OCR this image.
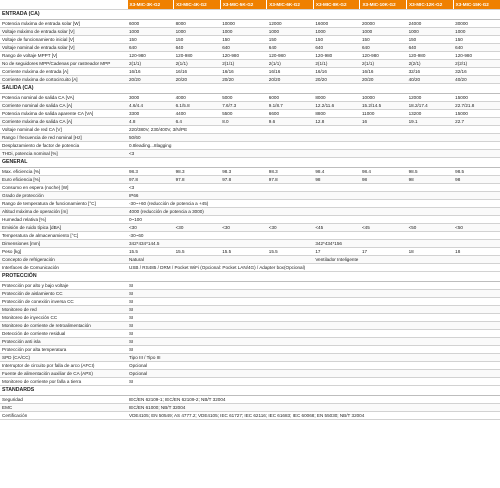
	X3-MIC-3K-G2	X3-MIC-4K-G2	X3-MIC-5K-G2	X3-MIC-6K-G2	X3-MIC-8K-G2	X3-MIC-10K-G2	X3-MIC-12K-G2	X3-MIC-15K-G2
ENTRADA (CA)								
Potencia máxima de entrada solar [W]	6000	8000	10000	12000	16000	20000	24000	30000
Voltaje máximo de entrada solar [V]	1000	1000	1000	1000	1000	1000	1000	1000
Voltaje de funcionamiento inicial [V]	150	150	150	150	150	150	150	150
Voltaje nominal de entrada solar [V]	640	640	640	640	640	640	640	640
Rango de voltaje MPPT [V]	120-980	120-980	120-980	120-980	120-980	120-980	120-980	120-980
No de seguidores MPP/Cadenas por rastreador MPP	2(1/1)	2(1/1)	2(1/1)	2(1/1)	2(1/1)	2(1/1)	2(2/1)	2(2/1)
Corriente máxima de entrada [A]	16/16	16/16	16/16	16/16	16/16	16/16	32/16	32/16
Corriente máxima de cortocircuito [A]	20/20	20/20	20/20	20/20	20/20	20/20	40/20	40/20
SALIDA (CA)								
Potencia nominal de salida CA [VA]	3000	4000	5000	6000	8000	10000	12000	15000
Corriente nominal de salida CA [A]	4.6/4.4	6.1/5.8	7.6/7.3	9.1/8.7	12.2/11.6	15.2/14.5	18.2/17.4	22.7/21.8
Potencia máxima de salida aparente CA [VA]	3300	4400	5500	6600	8800	11000	13200	15000
Corriente máxima de salida CA [A]	4.8	6.4	8.0	9.6	12.8	16	19.1	22.7
Voltaje nominal de red CA [V]	220/380V, 230/400V, 3/N/PE							
Rango / frecuencia de red nominal [Hz]	50/60							
Desplazamiento de factor de potencia	0.8leading...8lagging							
THDi, potencia nominal [%]	<3							
GENERAL								
Max. eficiencia [%]	98.3	98.3	98.3	98.3	98.4	98.4	98.5	98.5
Euro eficiencia [%]	97.8	97.8	97.8	97.8	98	98	98	98
Consumo en espera (noche) [W]	<3							
Grado de protección	IP66							
Rango de temperatura de funcionamiento [°C]	-30~+60 (reducción de potencia a +45)							
Altitud máxima de operación [m]	4000 (reducción de potencia a 3000)							
Humedad relativa [%]	0~100							
Emisión de ruido típica [dBA]	<30	<30	<30	<30	<45	<45	<50	<50
Temperatura de almacenamiento [°C]	-30~60							
Dimensiones [mm]	342*434*144.5				342*434*156			
Peso [kg]	15.5	15.5	15.5	15.5	17	17	18	18
Concepto de refrigeración	Natural				Ventilador Inteligente			
Interfaces de Comunicación	USB / RS485 / DRM / Pocket WiFi (Opcional: Pocket LAN/4G) / Adapter box(Opcional)							
PROTECCIÓN								
Protección por alto y bajo voltaje	SI							
Protección de aislamiento CC	SI							
Protección de conexión inversa CC	SI							
Monitoreo de red	SI							
Monitoreo de inyección CC	SI							
Monitoreo de corriente de retroalimentación	SI							
Detección de corriente residual	SI							
Protección anti isla	SI							
Protección por alta temperatura	SI							
SPD (CA/CC)	Tipo III / Tipo III							
Interruptor de circuito por falla de arco (AFCI)	Opcional							
Fuente de alimentación auxiliar de CA (APS)	Opcional							
Monitoreo de corriente por falla a tierra	SI							
STANDARDS								
Seguridad	IEC/EN 62109-1; IEC/EN 62109-2; NB/T 32004							
EMC	IEC/EN 61000; NB/T 32004							
Certificación	VDE4105; EN 50549; AS 4777.2; VDE4105; IEC 61727; IEC 62116; IEC 61683; IEC 60068; EN 55030; NB/T 32004							
